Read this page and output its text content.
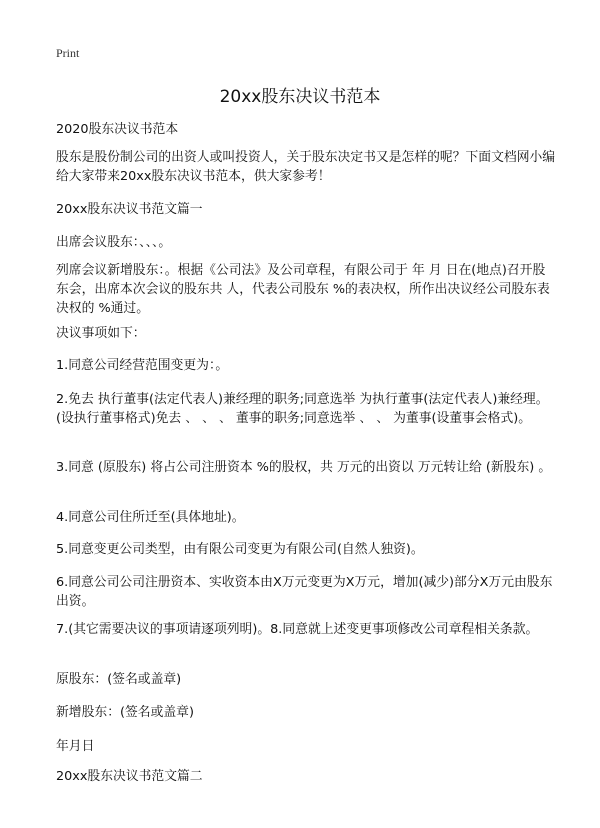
Print
20xx股东决议书范本

2020股东决议书范本

股东是股份制公司的出资人或叫投资人，关于股东决定书又是怎样的呢？下面文档网小编给大家带来20xx股东决议书范本，供大家参考！

20xx股东决议书范文篇一

出席会议股东：、、、。

列席会议新增股东：。根据《公司法》及公司章程，有限公司于 年 月 日在(地点)召开股东会，出席本次会议的股东共 人，代表公司股东 %的表决权，所作出决议经公司股东表决权的 %通过。

决议事项如下：

1.同意公司经营范围变更为：。

2.免去 执行董事(法定代表人)兼经理的职务;同意选举 为执行董事(法定代表人)兼经理。(设执行董事格式)免去 、 、 、 董事的职务;同意选举 、 、 为董事(设董事会格式)。

3.同意 (原股东) 将占公司注册资本 %的股权，共 万元的出资以 万元转让给 (新股东) 。

4.同意公司住所迁至(具体地址)。

5.同意变更公司类型，由有限公司变更为有限公司(自然人独资)。

6.同意公司公司注册资本、实收资本由X万元变更为X万元，增加(减少)部分X万元由股东 出资。

7.(其它需要决议的事项请逐项列明)。8.同意就上述变更事项修改公司章程相关条款。

原股东：(签名或盖章)

新增股东：(签名或盖章)

年月日

20xx股东决议书范文篇二
